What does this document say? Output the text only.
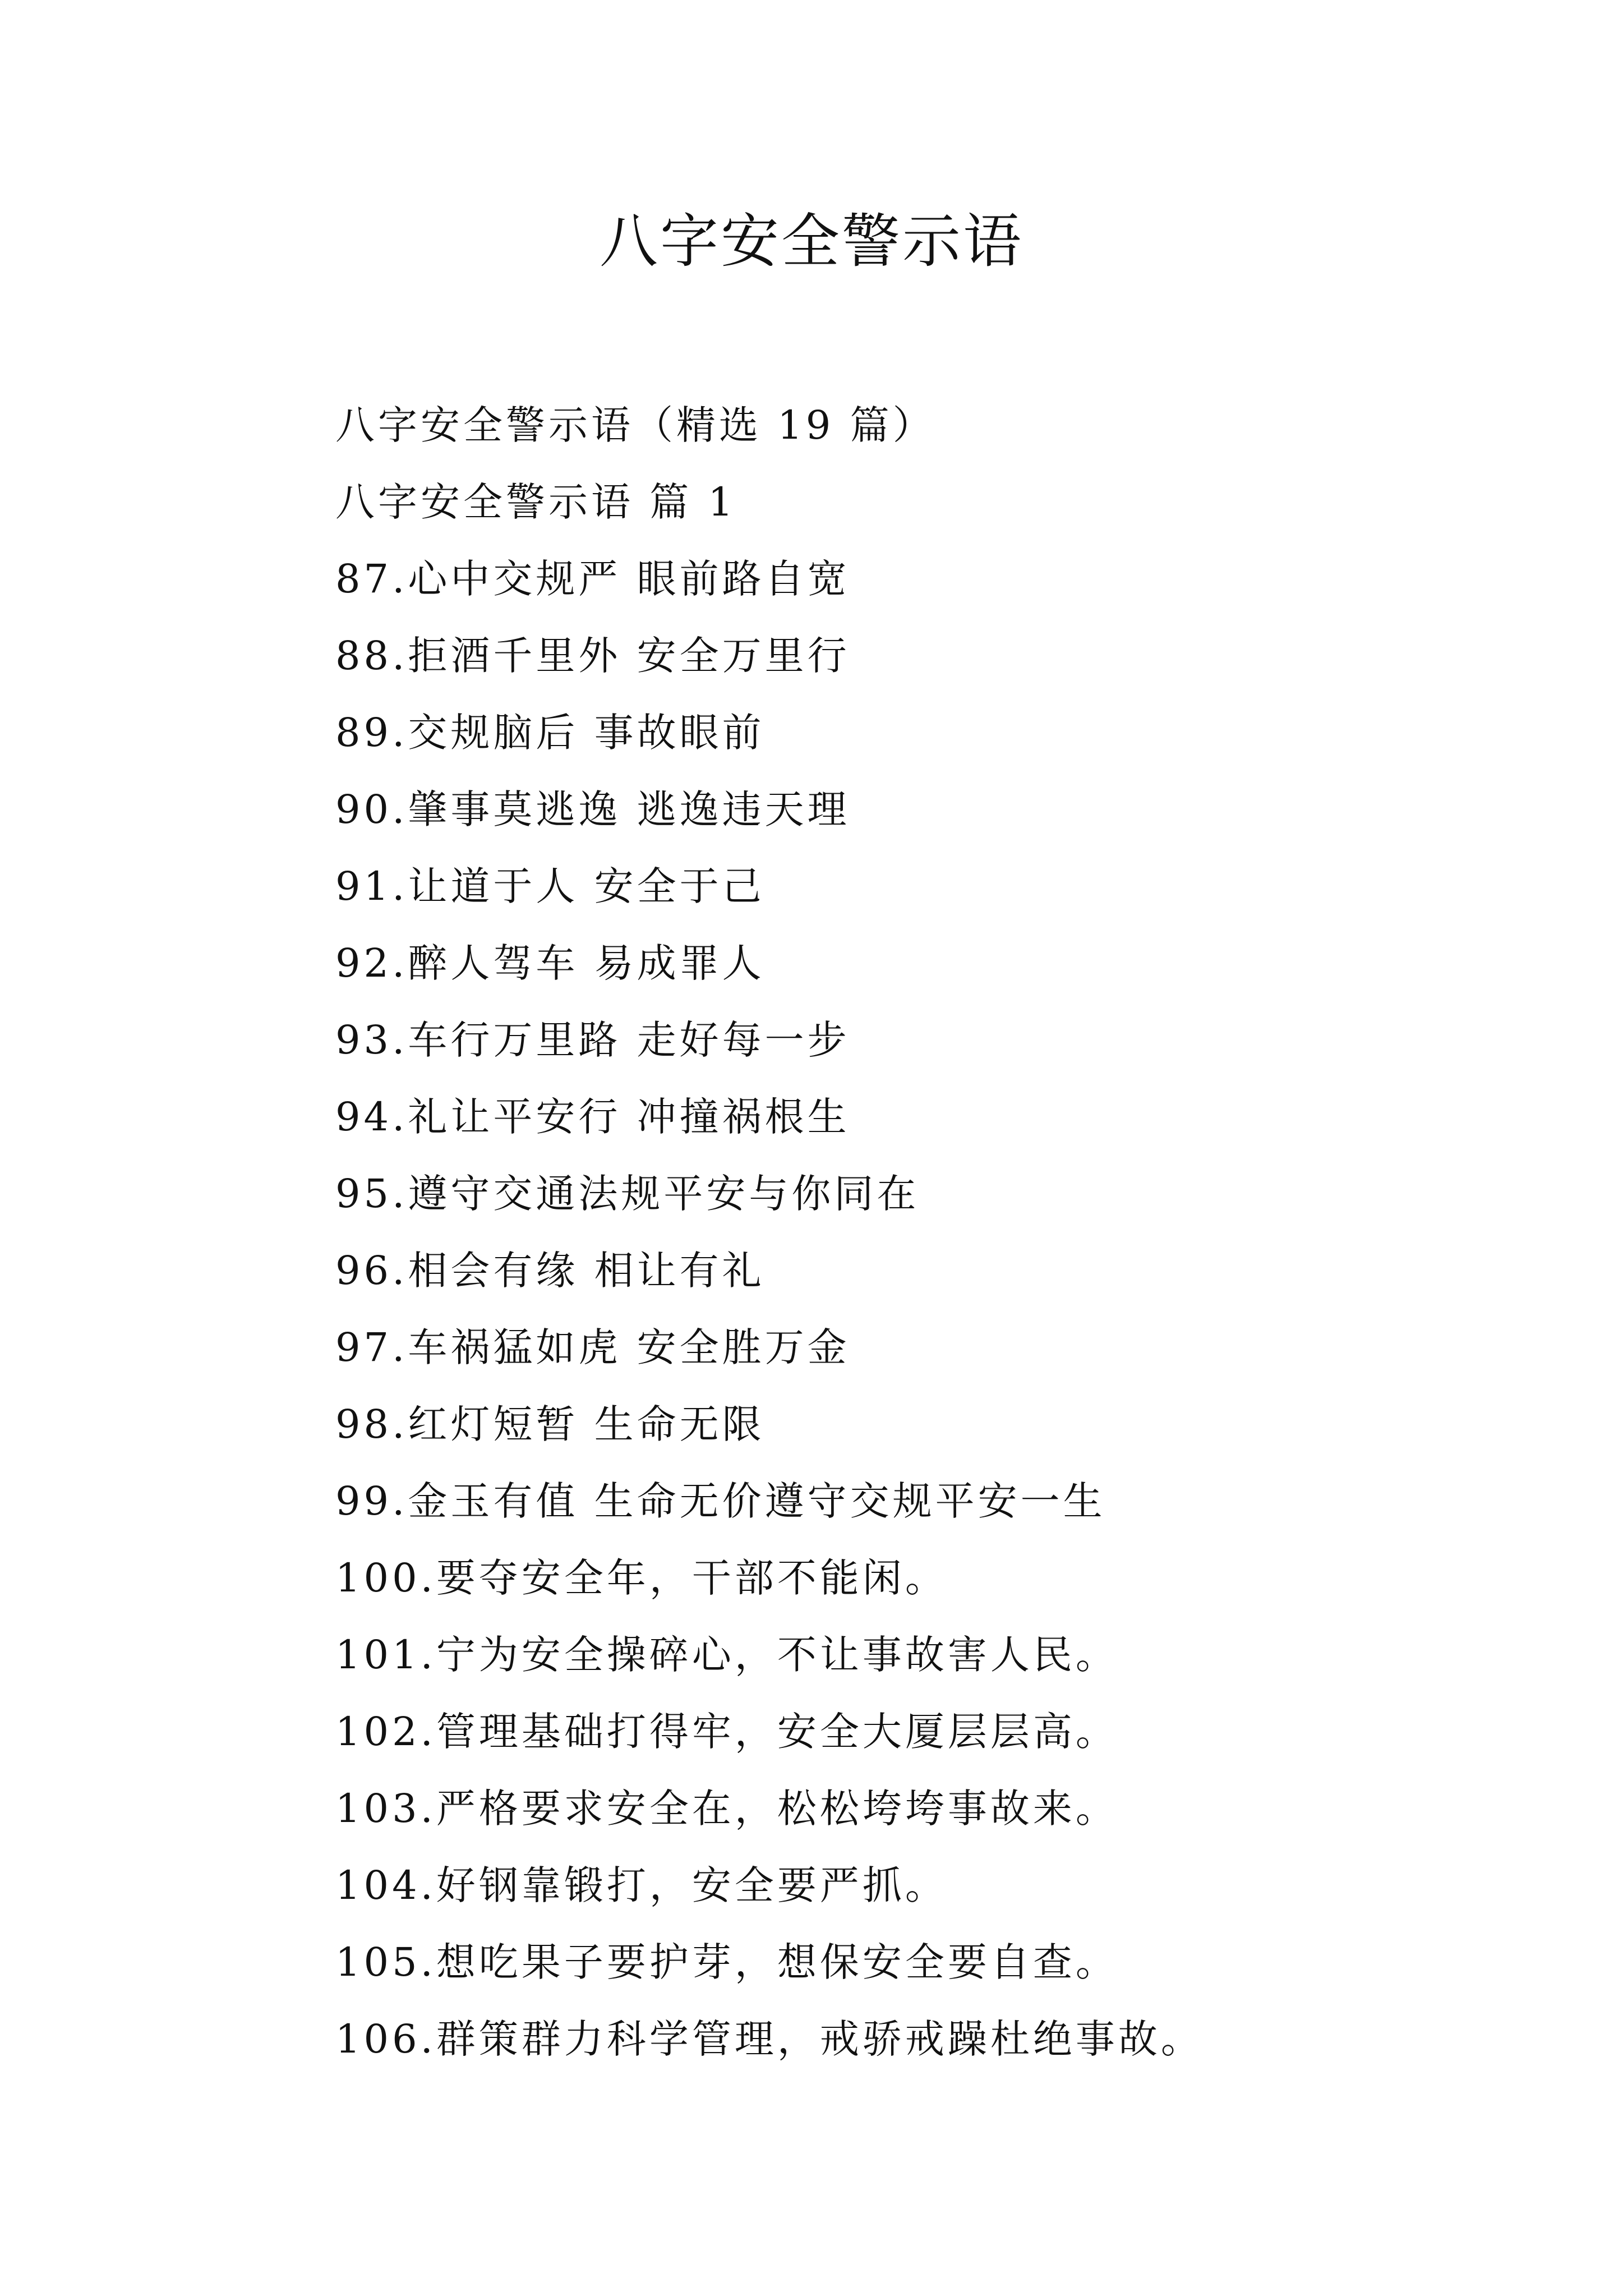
八字安全警示语

八字安全警示语（精选 19 篇）

八字安全警示语 篇 1

87.心中交规严 眼前路自宽

88.拒酒千里外 安全万里行

89.交规脑后 事故眼前

90.肇事莫逃逸 逃逸违天理

91.让道于人 安全于己

92.醉人驾车 易成罪人

93.车行万里路 走好每一步

94.礼让平安行 冲撞祸根生

95.遵守交通法规平安与你同在

96.相会有缘 相让有礼

97.车祸猛如虎 安全胜万金

98.红灯短暂 生命无限

99.金玉有值 生命无价遵守交规平安一生

100.要夺安全年，干部不能闲。

101.宁为安全操碎心，不让事故害人民。

102.管理基础打得牢，安全大厦层层高。

103.严格要求安全在，松松垮垮事故来。

104.好钢靠锻打，安全要严抓。

105.想吃果子要护芽，想保安全要自查。

106.群策群力科学管理，戒骄戒躁杜绝事故。
